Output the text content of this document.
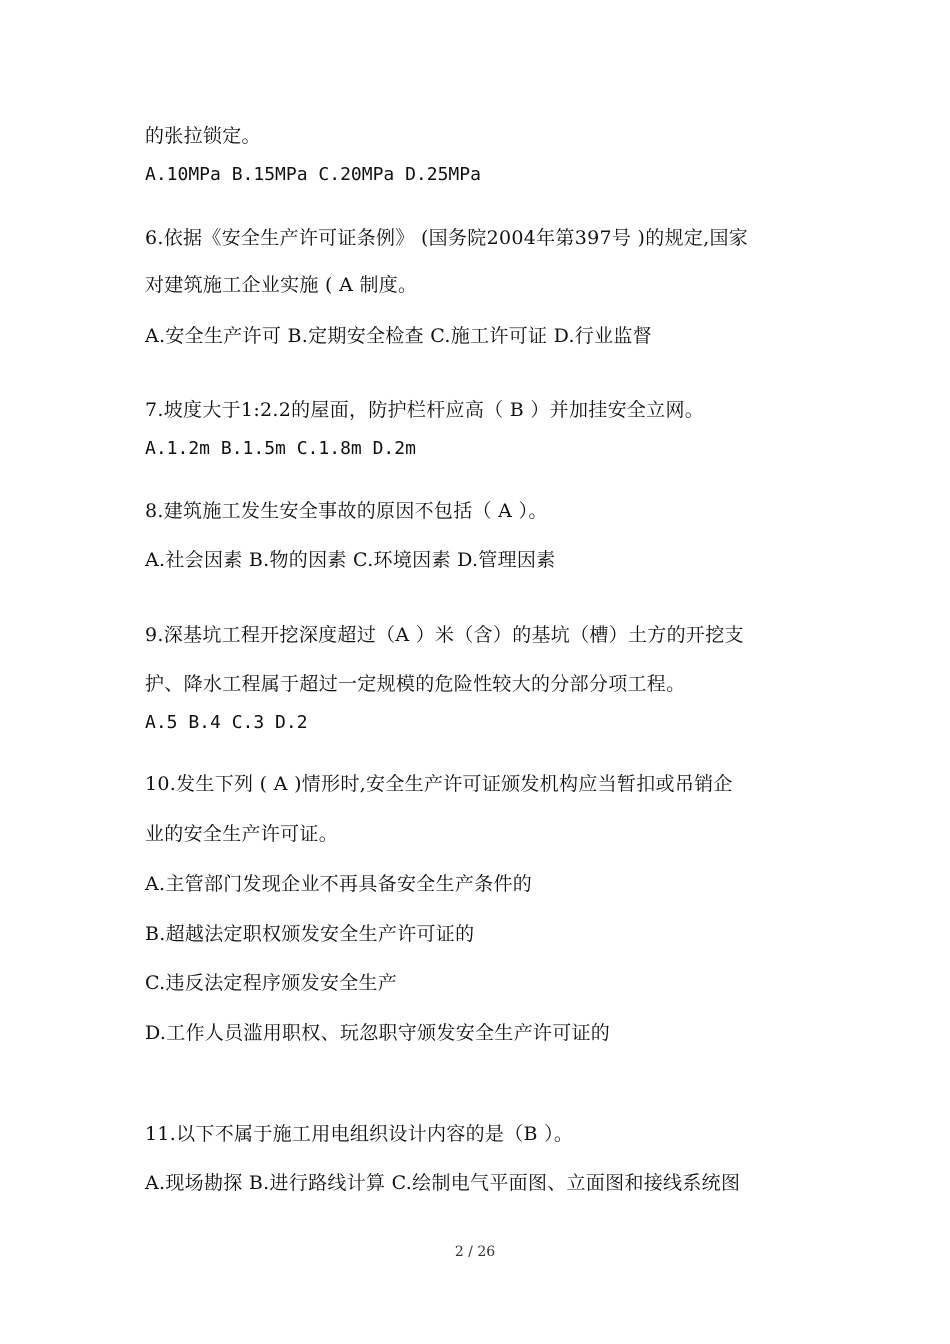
的张拉锁定。
A.10MPa B.15MPa C.20MPa D.25MPa
6.依据《安全生产许可证条例》 (国务院2004年第397号 )的规定,国家
对建筑施工企业实施 ( A 制度。
A.安全生产许可 B.定期安全检查 C.施工许可证 D.行业监督
7.坡度大于1:2.2的屋面，防护栏杆应高（ B ）并加挂安全立网。
A.1.2m B.1.5m C.1.8m D.2m
8.建筑施工发生安全事故的原因不包括（ A ）。
A.社会因素 B.物的因素 C.环境因素 D.管理因素
9.深基坑工程开挖深度超过（A ）米（含）的基坑（槽）土方的开挖支
护、降水工程属于超过一定规模的危险性较大的分部分项工程。
A.5 B.4 C.3 D.2
10.发生下列 ( A )情形时,安全生产许可证颁发机构应当暂扣或吊销企
业的安全生产许可证。
A.主管部门发现企业不再具备安全生产条件的
B.超越法定职权颁发安全生产许可证的
C.违反法定程序颁发安全生产
D.工作人员滥用职权、玩忽职守颁发安全生产许可证的
11.以下不属于施工用电组织设计内容的是（B ）。
A.现场勘探 B.进行路线计算 C.绘制电气平面图、立面图和接线系统图
2 / 26
